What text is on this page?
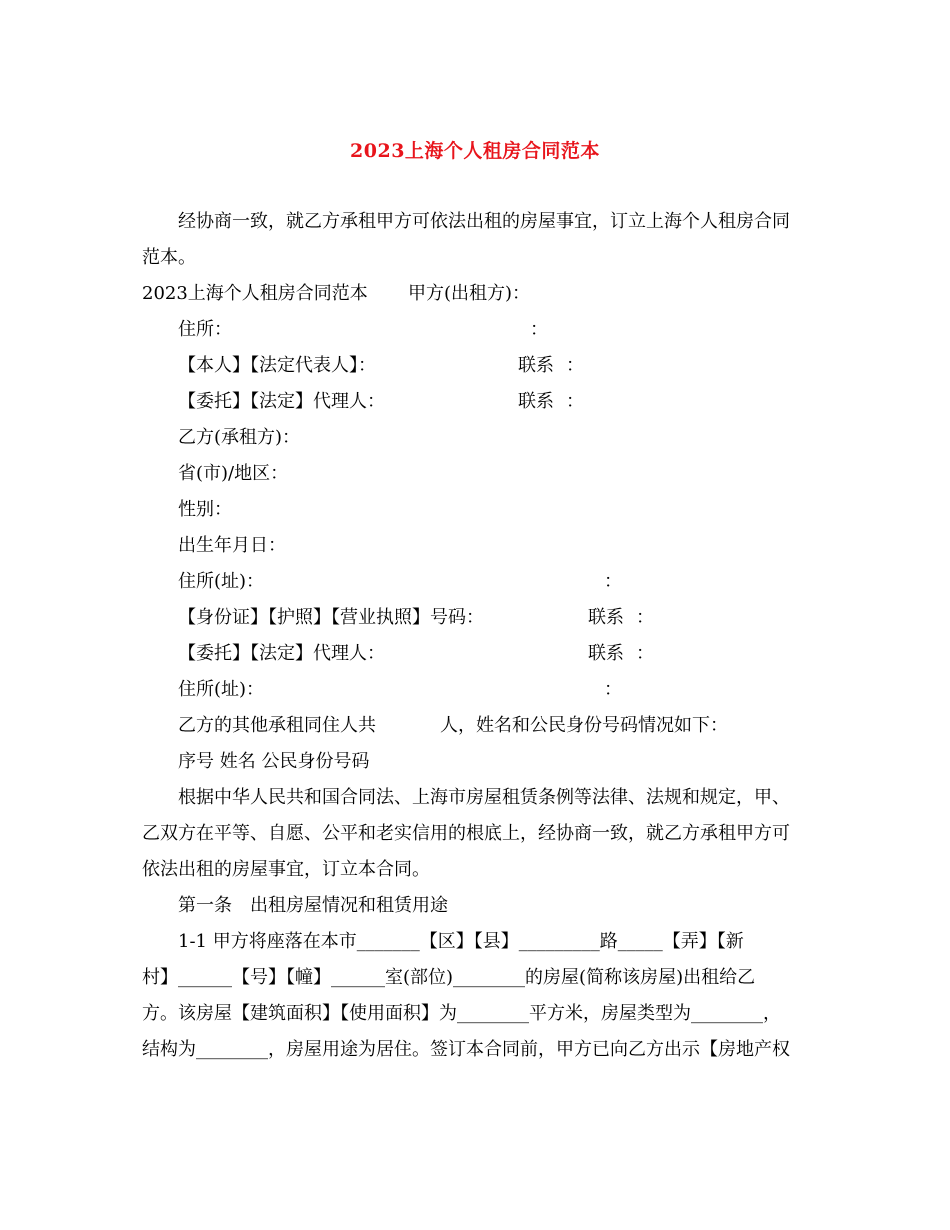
2023上海个人租房合同范本

经协商一致，就乙方承租甲方可依法出租的房屋事宜，订立上海个人租房合同

范本。

2023上海个人租房合同范本 甲方(出租方)：
住所：	：
【本人】【法定代表人】：	联系 ：
【委托】【法定】代理人：	联系 ：
乙方(承租方)：
省(市)/地区：
性别：
出生年月日：
住所(址)：	：
【身份证】【护照】【营业执照】号码：	联系 ：
【委托】【法定】代理人：	联系 ：
住所(址)：	：
乙方的其他承租同住人共	人，姓名和公民身份号码情况如下：
序号 姓名 公民身份号码

根据中华人民共和国合同法、上海市房屋租赁条例等法律、法规和规定，甲、

乙双方在平等、自愿、公平和老实信用的根底上，经协商一致，就乙方承租甲方可

依法出租的房屋事宜，订立本合同。

第一条　出租房屋情况和租赁用途

1-1 甲方将座落在本市_______【区】【县】_________路_____【弄】【新

村】______【号】【幢】______室(部位)________的房屋(简称该房屋)出租给乙

方。该房屋【建筑面积】【使用面积】为________平方米，房屋类型为________，

结构为________，房屋用途为居住。签订本合同前，甲方已向乙方出示【房地产权
